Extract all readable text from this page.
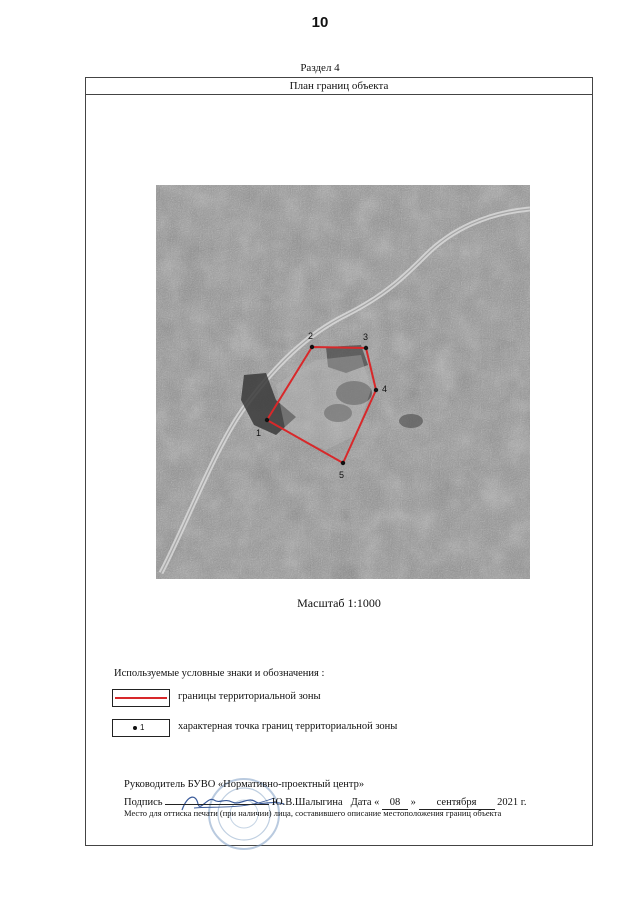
10
Раздел 4
План границ объекта
1
2	3
4
5
Масштаб 1:1000
Используемые условные знаки и обозначения :
границы территориальной зоны
1	характерная точка границ территориальной зоны
Руководитель БУВО «Нормативно-проектный центр»
Подпись	Ю.В.Шалыгина Дата « 08 » сентября 2021 г.
Место для оттиска печати (при наличии) лица, составившего описание местоположения границ объекта
